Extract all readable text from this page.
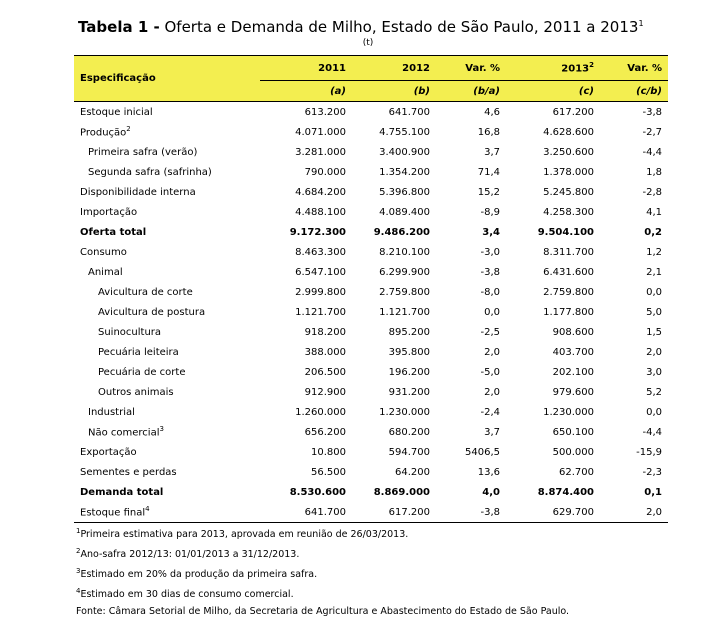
Tabela 1 - Oferta e Demanda de Milho, Estado de São Paulo, 2011 a 2013$^1$
(t)
Especificação	2011	2012	Var. %	2013$^2$	Var. %
	(a)	(b)	(b/a)	(c)	(c/b)
Estoque inicial	613.200	641.700	4,6	617.200	-3,8
Produção$^2$	4.071.000	4.755.100	16,8	4.628.600	-2,7
Primeira safra (verão)	3.281.000	3.400.900	3,7	3.250.600	-4,4
Segunda safra (safrinha)	790.000	1.354.200	71,4	1.378.000	1,8
Disponibilidade interna	4.684.200	5.396.800	15,2	5.245.800	-2,8
Importação	4.488.100	4.089.400	-8,9	4.258.300	4,1
Oferta total	9.172.300	9.486.200	3,4	9.504.100	0,2
Consumo	8.463.300	8.210.100	-3,0	8.311.700	1,2
Animal	6.547.100	6.299.900	-3,8	6.431.600	2,1
Avicultura de corte	2.999.800	2.759.800	-8,0	2.759.800	0,0
Avicultura de postura	1.121.700	1.121.700	0,0	1.177.800	5,0
Suinocultura	918.200	895.200	-2,5	908.600	1,5
Pecuária leiteira	388.000	395.800	2,0	403.700	2,0
Pecuária de corte	206.500	196.200	-5,0	202.100	3,0
Outros animais	912.900	931.200	2,0	979.600	5,2
Industrial	1.260.000	1.230.000	-2,4	1.230.000	0,0
Não comercial$^3$	656.200	680.200	3,7	650.100	-4,4
Exportação	10.800	594.700	5406,5	500.000	-15,9
Sementes e perdas	56.500	64.200	13,6	62.700	-2,3
Demanda total	8.530.600	8.869.000	4,0	8.874.400	0,1
Estoque final$^4$	641.700	617.200	-3,8	629.700	2,0
$^1$Primeira estimativa para 2013, aprovada em reunião de 26/03/2013.
$^2$Ano-safra 2012/13: 01/01/2013 a 31/12/2013.
$^3$Estimado em 20% da produção da primeira safra.
$^4$Estimado em 30 dias de consumo comercial.
Fonte: Câmara Setorial de Milho, da Secretaria de Agricultura e Abastecimento do Estado de São Paulo.
